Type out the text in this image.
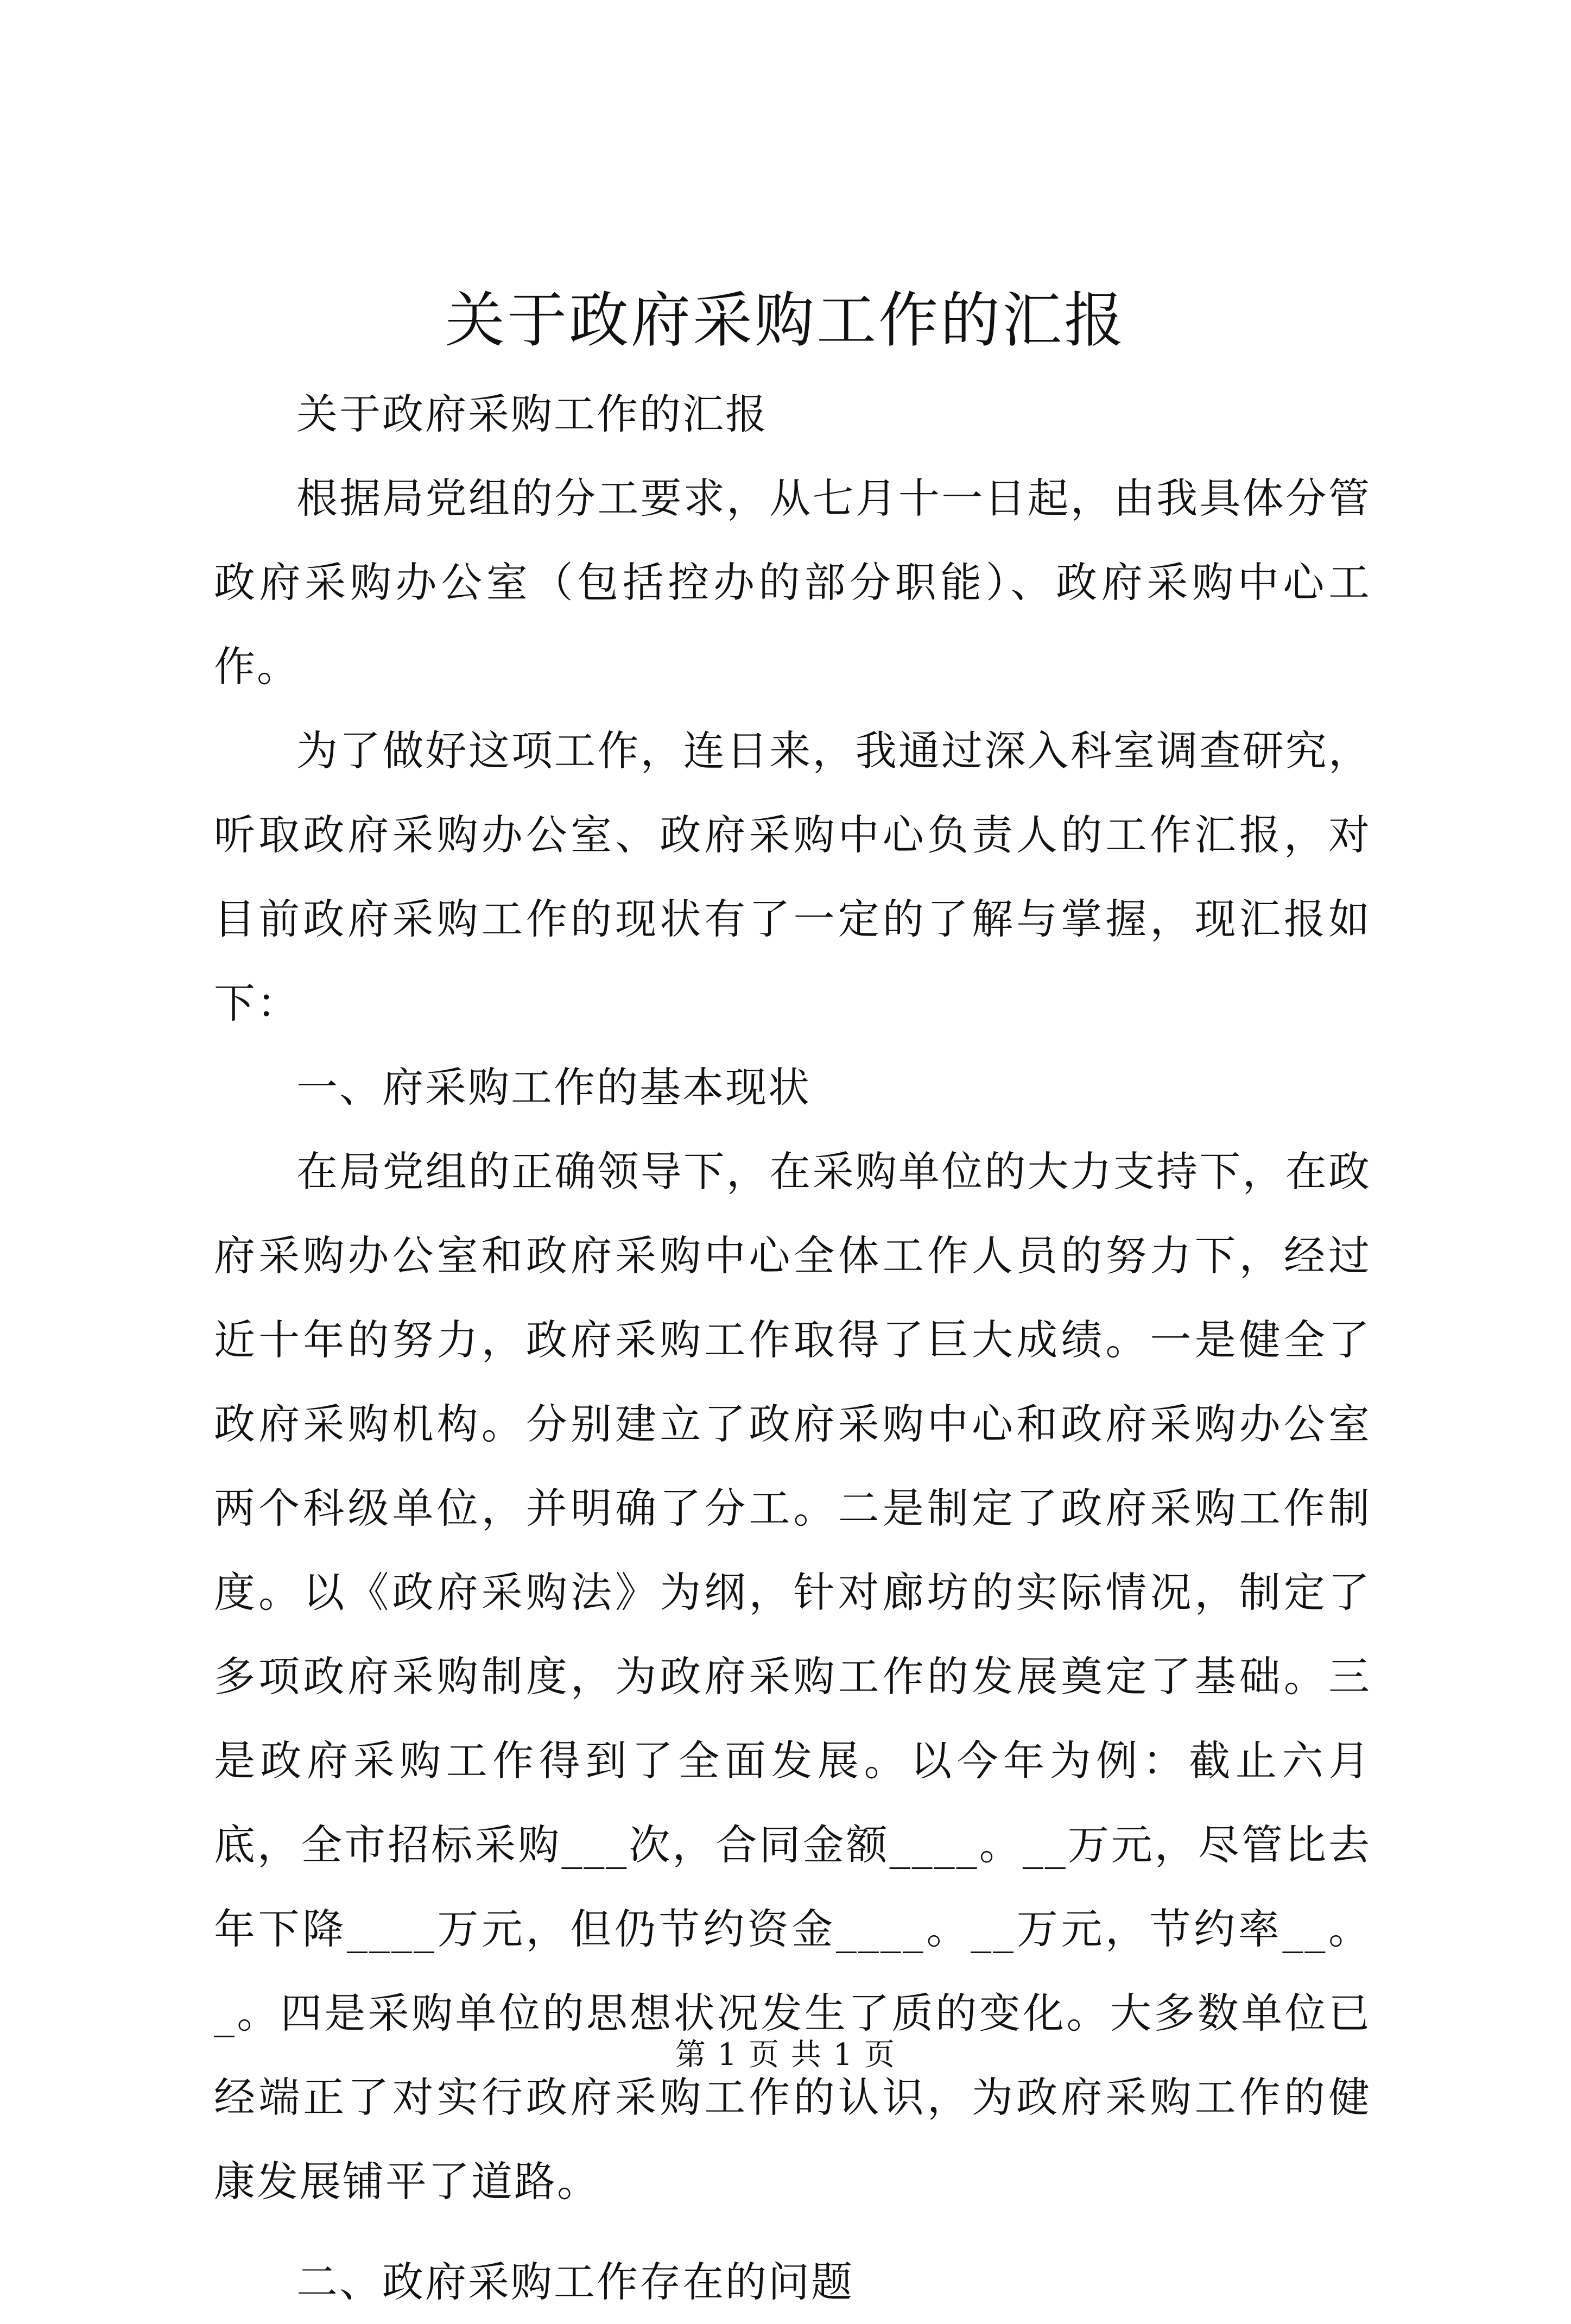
关于政府采购工作的汇报

关于政府采购工作的汇报

根据局党组的分工要求，从七月十一日起，由我具体分管政府采购办公室（包括控办的部分职能）、政府采购中心工作。

为了做好这项工作，连日来，我通过深入科室调查研究，听取政府采购办公室、政府采购中心负责人的工作汇报，对目前政府采购工作的现状有了一定的了解与掌握，现汇报如下：

一、府采购工作的基本现状

在局党组的正确领导下，在采购单位的大力支持下，在政府采购办公室和政府采购中心全体工作人员的努力下，经过近十年的努力，政府采购工作取得了巨大成绩。一是健全了政府采购机构。分别建立了政府采购中心和政府采购办公室两个科级单位，并明确了分工。二是制定了政府采购工作制度。以《政府采购法》为纲，针对廊坊的实际情况，制定了多项政府采购制度，为政府采购工作的发展奠定了基础。三是政府采购工作得到了全面发展。以今年为例：截止六月底，全市招标采购___次，合同金额____。__万元，尽管比去年下降____万元，但仍节约资金____。__万元，节约率__。_。四是采购单位的思想状况发生了质的变化。大多数单位已经端正了对实行政府采购工作的认识，为政府采购工作的健康发展铺平了道路。

二、政府采购工作存在的问题

第 1 页 共 1 页
